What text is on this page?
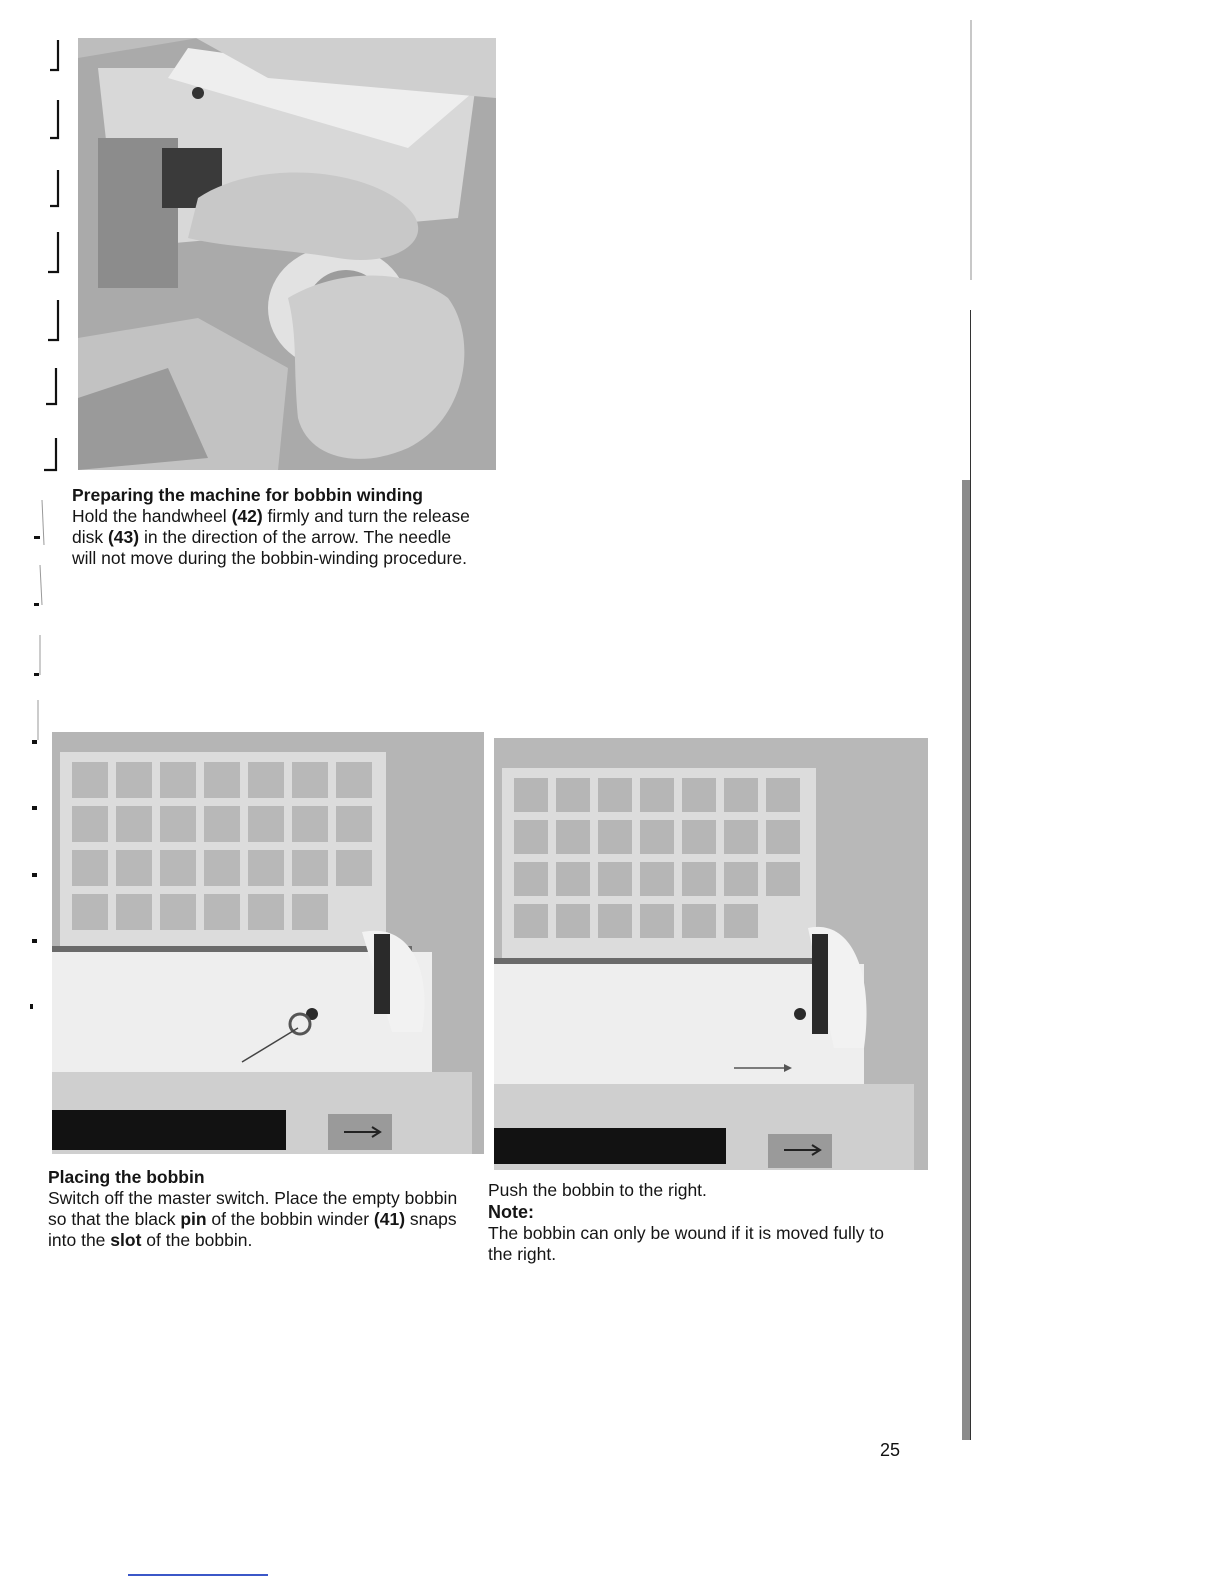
Preparing the machine for bobbin winding

Hold the handwheel (42) firmly and turn the release disk (43) in the direction of the arrow. The needle will not move during the bobbin-winding procedure.

Placing the bobbin

Switch off the master switch. Place the empty bobbin so that the black pin of the bobbin winder (41) snaps into the slot of the bobbin.

Push the bobbin to the right.

Note:

The bobbin can only be wound if it is moved fully to the right.

25
